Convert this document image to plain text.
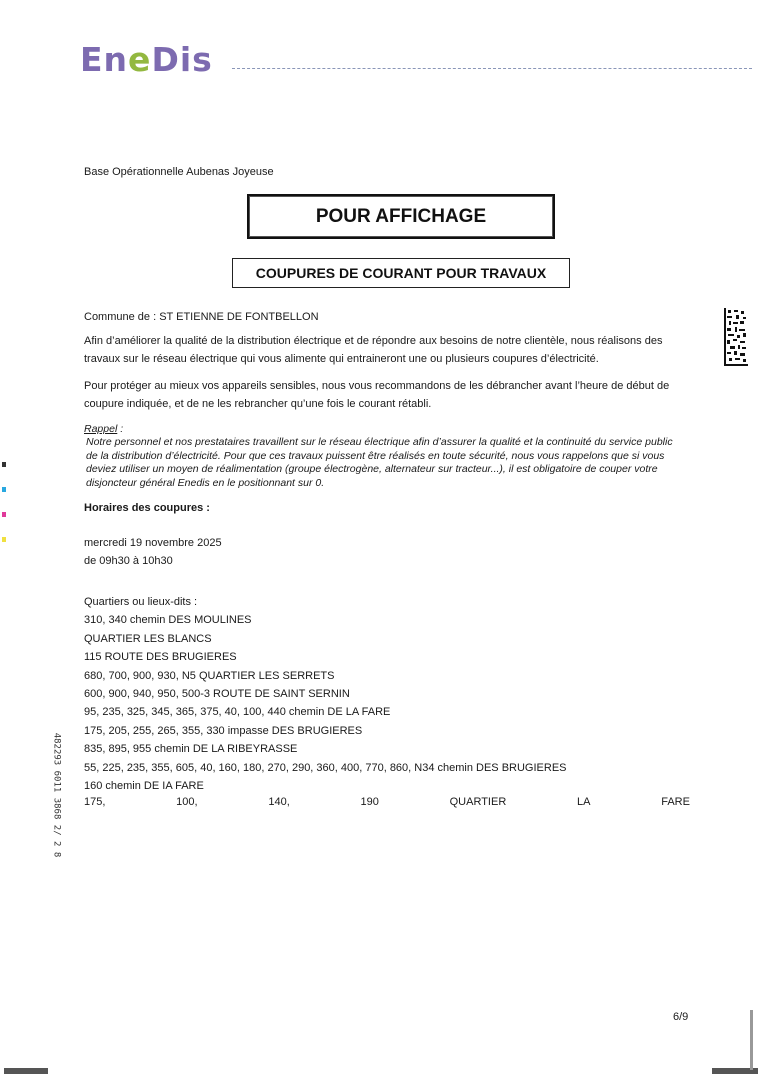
EneDis
Base Opérationnelle Aubenas Joyeuse
POUR AFFICHAGE
COUPURES DE COURANT POUR TRAVAUX
Commune de : ST ETIENNE DE FONTBELLON
Afin d’améliorer la qualité de la distribution électrique et de répondre aux besoins de notre clientèle, nous réalisons des travaux sur le réseau électrique qui vous alimente qui entraineront une ou plusieurs coupures d’électricité.
Pour protéger au mieux vos appareils sensibles, nous vous recommandons de les débrancher avant l’heure de début de coupure indiquée, et de ne les rebrancher qu’une fois le courant rétabli.
Rappel :
Notre personnel et nos prestataires travaillent sur le réseau électrique afin d’assurer la qualité et la continuité du service public de la distribution d’électricité. Pour que ces travaux puissent être réalisés en toute sécurité, nous vous rappelons que si vous deviez utiliser un moyen de réalimentation (groupe électrogène, alternateur sur tracteur...), il est obligatoire de couper votre disjoncteur général Enedis en le positionnant sur 0.
Horaires des coupures :
mercredi 19 novembre 2025
de 09h30 à 10h30
Quartiers ou lieux-dits :
310, 340 chemin DES MOULINES
QUARTIER LES BLANCS
115 ROUTE DES BRUGIERES
680, 700, 900, 930, N5 QUARTIER LES SERRETS
600, 900, 940, 950, 500-3 ROUTE DE SAINT SERNIN
95, 235, 325, 345, 365, 375, 40, 100, 440 chemin DE LA FARE
175, 205, 255, 265, 355, 330 impasse DES BRUGIERES
835, 895, 955 chemin DE LA RIBEYRASSE
55, 225, 235, 355, 605, 40, 160, 180, 270, 290, 360, 400, 770, 860, N34 chemin DES BRUGIERES
160 chemin DE IA FARE
175,	100,	140,	190	QUARTIER	LA	FARE
6/9
482293 6011 3868 2/ 2 8
